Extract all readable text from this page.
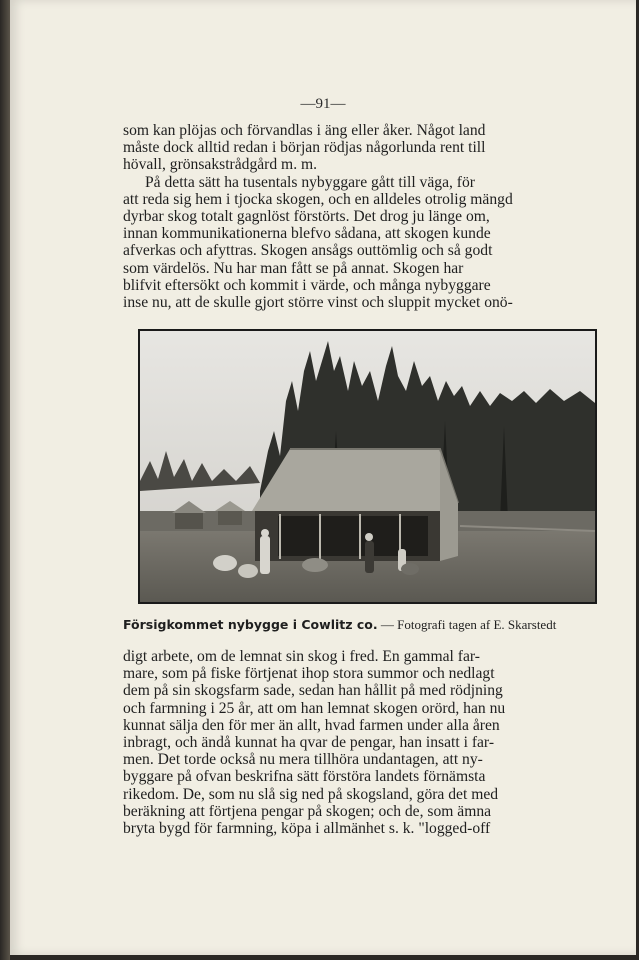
—91—
som kan plöjas och förvandlas i äng eller åker. Något land
måste dock alltid redan i början rödjas någorlunda rent till
hövall, grönsakstrådgård m. m.
På detta sätt ha tusentals nybyggare gått till väga, för
att reda sig hem i tjocka skogen, och en alldeles otrolig mängd
dyrbar skog totalt gagnlöst förstörts. Det drog ju länge om,
innan kommunikationerna blefvo sådana, att skogen kunde
afverkas och afyttras. Skogen ansågs outtömlig och så godt
som värdelös. Nu har man fått se på annat. Skogen har
blifvit eftersökt och kommit i värde, och många nybyggare
inse nu, att de skulle gjort större vinst och sluppit mycket onö-
Försigkommet nybygge i Cowlitz co. — Fotografi tagen af E. Skarstedt
digt arbete, om de lemnat sin skog i fred. En gammal far-
mare, som på fiske förtjenat ihop stora summor och nedlagt
dem på sin skogsfarm sade, sedan han hållit på med rödjning
och farmning i 25 år, att om han lemnat skogen orörd, han nu
kunnat sälja den för mer än allt, hvad farmen under alla åren
inbragt, och ändå kunnat ha qvar de pengar, han insatt i far-
men. Det torde också nu mera tillhöra undantagen, att ny-
byggare på ofvan beskrifna sätt förstöra landets förnämsta
rikedom. De, som nu slå sig ned på skogsland, göra det med
beräkning att förtjena pengar på skogen; och de, som ämna
bryta bygd för farmning, köpa i allmänhet s. k. "logged-off
